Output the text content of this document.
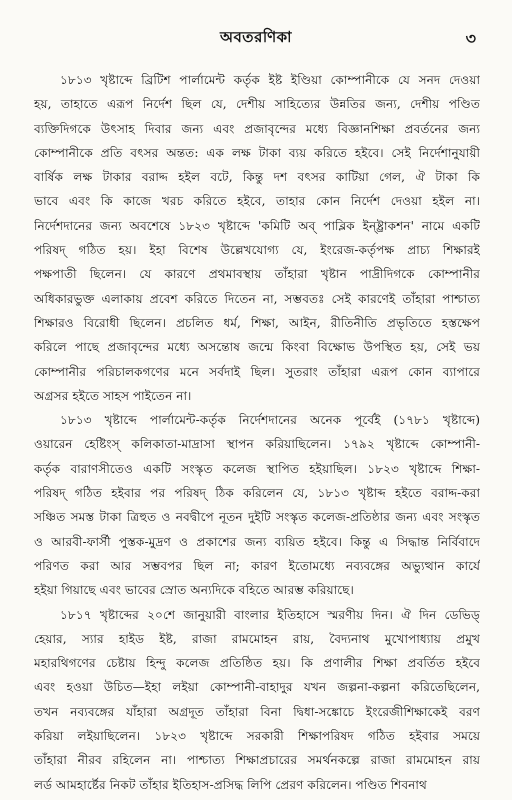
অবতরণিকা	৩
১৮১৩ খৃষ্টাব্দে ব্রিটিশ পার্লামেন্ট কর্তৃক ইষ্ট ইণ্ডিয়া কোম্পানীকে যে সনদ দেওয়া
হয়, তাহাতে এরূপ নির্দেশ ছিল যে, দেশীয় সাহিত্যের উন্নতির জন্য, দেশীয় পণ্ডিত
ব্যক্তিদিগকে উৎসাহ দিবার জন্য এবং প্রজাবৃন্দের মধ্যে বিজ্ঞানশিক্ষা প্রবর্তনের জন্য
কোম্পানীকে প্রতি বৎসর অন্তত: এক লক্ষ টাকা ব্যয় করিতে হইবে। সেই নির্দেশানুযায়ী
বার্ষিক লক্ষ টাকার বরাদ্দ হইল বটে, কিন্তু দশ বৎসর কাটিয়া গেল, ঐ টাকা কি
ভাবে এবং কি কাজে খরচ করিতে হইবে, তাহার কোন নির্দেশ দেওয়া হইল না।
নির্দেশদানের জন্য অবশেষে ১৮২৩ খৃষ্টাব্দে 'কমিটি অব্ পাব্লিক ইন্‌ষ্ট্রাকশন' নামে একটি
পরিষদ্ গঠিত হয়। ইহা বিশেষ উল্লেখযোগ্য যে, ইংরেজ-কর্তৃপক্ষ প্রাচ্য শিক্ষারই
পক্ষপাতী ছিলেন। যে কারণে প্রথমাবস্থায় তাঁহারা খৃষ্টান পাদ্রীদিগকে কোম্পানীর
অধিকারভুক্ত এলাকায় প্রবেশ করিতে দিতেন না, সম্ভবতঃ সেই কারণেই তাঁহারা পাশ্চাত্য
শিক্ষারও বিরোধী ছিলেন। প্রচলিত ধর্ম, শিক্ষা, আইন, রীতিনীতি প্রভৃতিতে হস্তক্ষেপ
করিলে পাছে প্রজাবৃন্দের মধ্যে অসন্তোষ জন্মে কিংবা বিক্ষোভ উপস্থিত হয়, সেই ভয়
কোম্পানীর পরিচালকগণের মনে সর্বদাই ছিল। সুতরাং তাঁহারা এরূপ কোন ব্যাপারে
অগ্রসর হইতে সাহস পাইতেন না।
১৮১৩ খৃষ্টাব্দে পার্লামেন্ট-কর্তৃক নির্দেশদানের অনেক পূর্বেই (১৭৮১ খৃষ্টাব্দে)
ওয়ারেন হেষ্টিংস্ কলিকাতা-মাদ্রাসা স্থাপন করিয়াছিলেন। ১৭৯২ খৃষ্টাব্দে কোম্পানী-
কর্তৃক বারাণসীতেও একটি সংস্কৃত কলেজ স্থাপিত হইয়াছিল। ১৮২৩ খৃষ্টাব্দে শিক্ষা-
পরিষদ্ গঠিত হইবার পর পরিষদ্ ঠিক করিলেন যে, ১৮১৩ খৃষ্টাব্দ হইতে বরাদ্দ-করা
সঞ্চিত সমস্ত টাকা ত্রিহুত ও নবদ্বীপে নূতন দুইটি সংস্কৃত কলেজ-প্রতিষ্ঠার জন্য এবং সংস্কৃত
ও আরবী-ফার্সী পুস্তক-মুদ্রণ ও প্রকাশের জন্য ব্যয়িত হইবে। কিন্তু এ সিদ্ধান্ত নির্বিবাদে
পরিণত করা আর সম্ভবপর ছিল না; কারণ ইতোমধ্যে নব্যবঙ্গের অভ্যুত্থান কার্যে
হইয়া গিয়াছে এবং ভাবের স্রোত অন্যদিকে বহিতে আরম্ভ করিয়াছে।
১৮১৭ খৃষ্টাব্দের ২০শে জানুয়ারী বাংলার ইতিহাসে স্মরণীয় দিন। ঐ দিন ডেভিড্
হেয়ার, স্যার হাইড ইষ্ট, রাজা রামমোহন রায়, বৈদ্যনাথ মুখোপাধ্যায় প্রমুখ
মহারথিগণের চেষ্টায় হিন্দু কলেজ প্রতিষ্ঠিত হয়। কি প্রণালীর শিক্ষা প্রবর্তিত হইবে
এবং হওয়া উচিত—ইহা লইয়া কোম্পানী-বাহাদুর যখন জল্পনা-কল্পনা করিতেছিলেন,
তখন নব্যবঙ্গের যাঁহারা অগ্রদূত তাঁহারা বিনা দ্বিধা-সঙ্কোচে ইংরেজীশিক্ষাকেই বরণ
করিয়া লইয়াছিলেন। ১৮২৩ খৃষ্টাব্দে সরকারী শিক্ষাপরিষদ গঠিত হইবার সময়ে
তাঁহারা নীরব রহিলেন না। পাশ্চাত্য শিক্ষাপ্রচারের সমর্থনকল্পে রাজা রামমোহন রায়
লর্ড আমহার্ষ্টের নিকট তাঁহার ইতিহাস-প্রসিদ্ধ লিপি প্রেরণ করিলেন। পণ্ডিত শিবনাথ
